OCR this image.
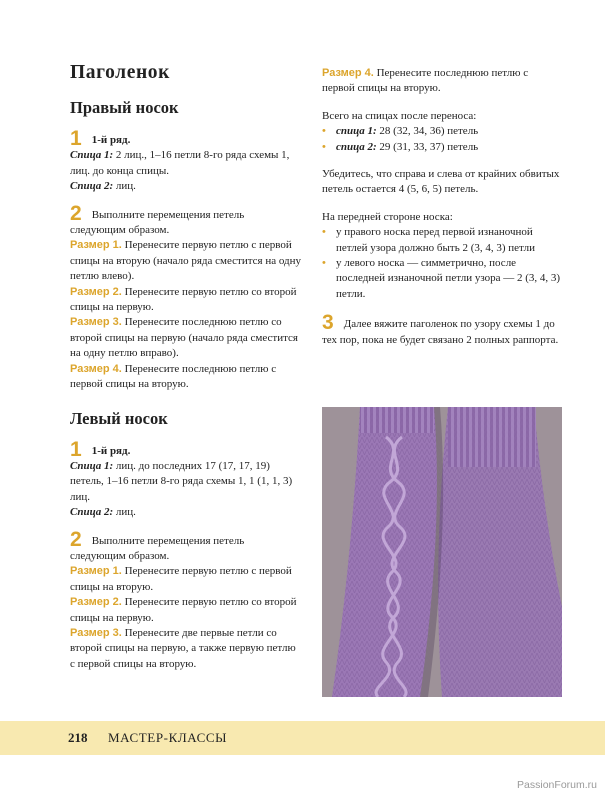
Паголенок
Правый носок

1 1-й ряд.

Спица 1: 2 лиц., 1–16 петли 8-го ряда схемы 1, лиц. до конца спицы.

Спица 2: лиц.

2 Выполните перемещения петель следующим образом.

Размер 1. Перенесите первую петлю с первой спицы на вторую (начало ряда сместится на одну петлю влево).

Размер 2. Перенесите первую петлю со второй спицы на первую.

Размер 3. Перенесите последнюю петлю со второй спицы на первую (начало ряда сместится на одну петлю вправо).

Размер 4. Перенесите последнюю петлю с первой спицы на вторую.

Левый носок

1 1-й ряд.

Спица 1: лиц. до последних 17 (17, 17, 19) петель, 1–16 петли 8-го ряда схемы 1, 1 (1, 1, 3) лиц.

Спица 2: лиц.

2 Выполните перемещения петель следующим образом.

Размер 1. Перенесите первую петлю с первой спицы на вторую.

Размер 2. Перенесите первую петлю со второй спицы на первую.

Размер 3. Перенесите две первые петли со второй спицы на первую, а также первую петлю с первой спицы на вторую.

Размер 4. Перенесите последнюю петлю с первой спицы на вторую.

Всего на спицах после переноса:

• спица 1: 28 (32, 34, 36) петель
• спица 2: 29 (31, 33, 37) петель

Убедитесь, что справа и слева от крайних обвитых петель остается 4 (5, 6, 5) петель.

На передней стороне носка:

• у правого носка перед первой изнаночной петлей узора должно быть 2 (3, 4, 3) петли
• у левого носка — симметрично, после последней изнаночной петли узора — 2 (3, 4, 3) петли.

3 Далее вяжите паголенок по узору схемы 1 до тех пор, пока не будет связано 2 полных раппорта.

218 МАСТЕР-КЛАССЫ
PassionForum.ru
